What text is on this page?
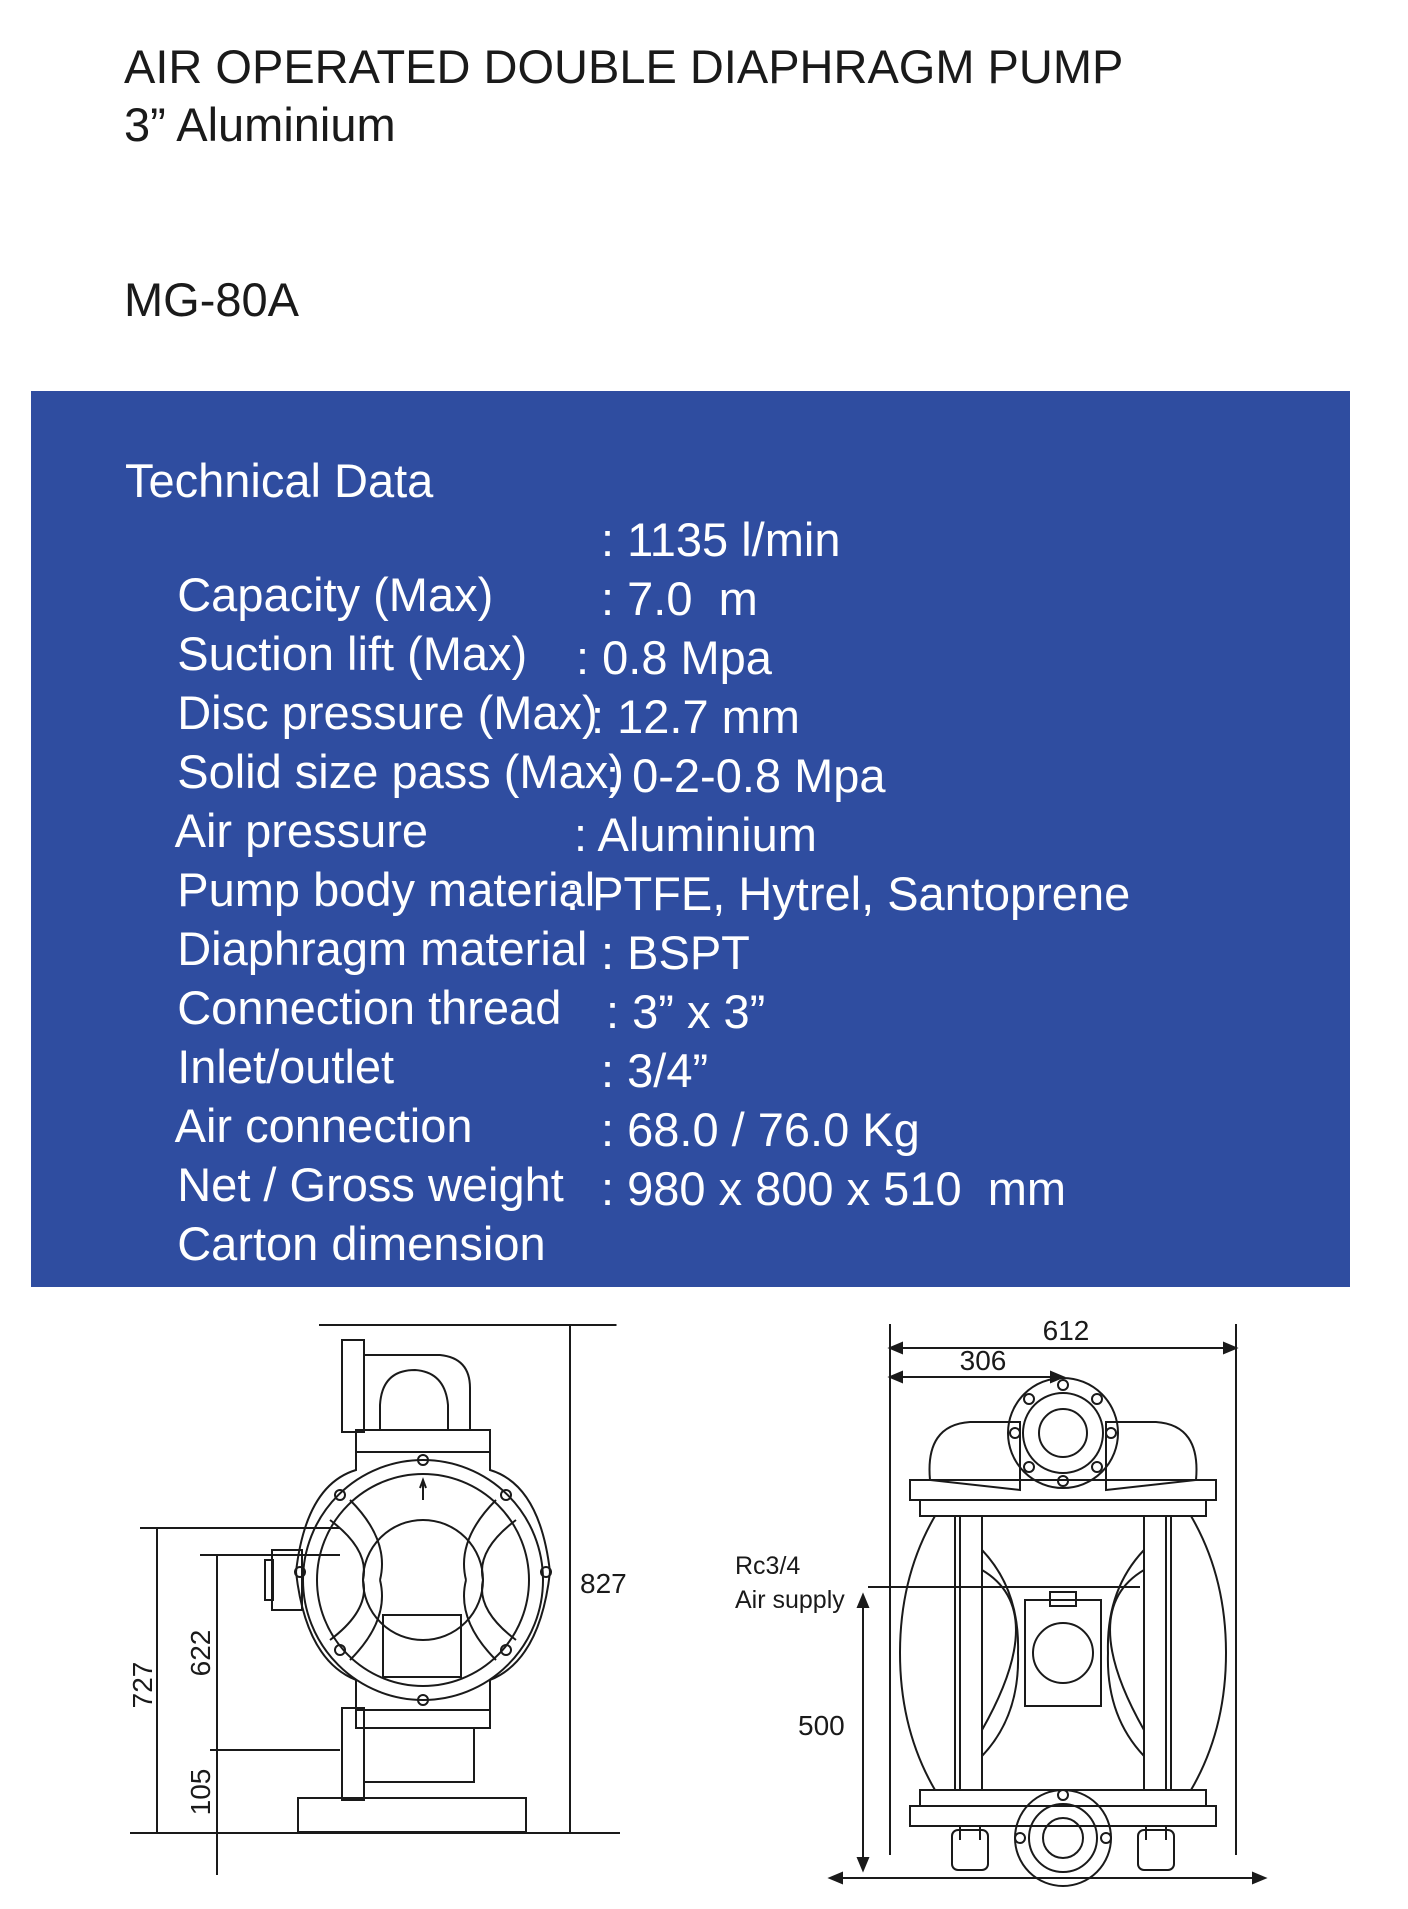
AIR OPERATED DOUBLE DIAPHRAGM PUMP
3” Aluminium
MG-80A
Technical Data

Capacity (Max)

: 1135 l/min

Suction lift (Max)

: 7.0  m

Disc pressure (Max)

: 0.8 Mpa

Solid size pass (Max)

: 12.7 mm

Air pressure

: 0-2-0.8 Mpa

Pump body material

: Aluminium

Diaphragm material

: PTFE, Hytrel, Santoprene

Connection thread

: BSPT

Inlet/outlet

: 3” x 3”

Air connection

: 3/4”

Net / Gross weight

: 68.0 / 76.0 Kg

Carton dimension

: 980 x 800 x 510  mm

727
622
105
827
612
306
Rc3/4
Air supply
500
